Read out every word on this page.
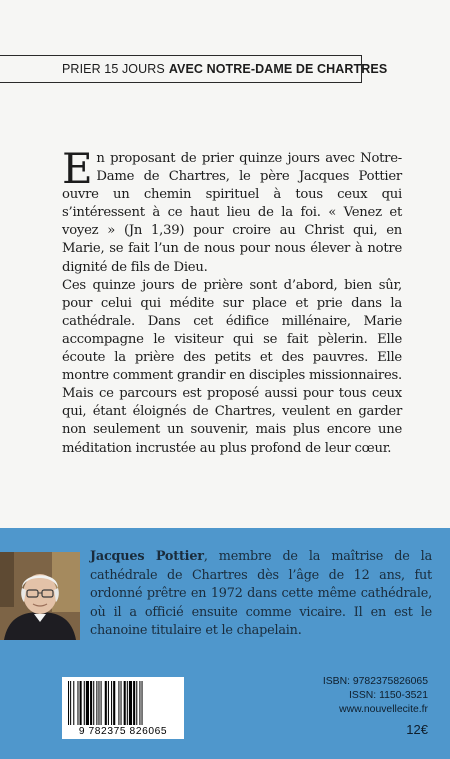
PRIER 15 JOURS AVEC NOTRE-DAME DE CHARTRES

En proposant de prier quinze jours avec Notre-Dame de Chartres, le père Jacques Pottier ouvre un chemin spirituel à tous ceux qui s’intéressent à ce haut lieu de la foi. « Venez et voyez » (Jn 1,39) pour croire au Christ qui, en Marie, se fait l’un de nous pour nous élever à notre dignité de fils de Dieu.

Ces quinze jours de prière sont d’abord, bien sûr, pour celui qui médite sur place et prie dans la cathédrale. Dans cet édifice millénaire, Marie accompagne le visiteur qui se fait pèlerin. Elle écoute la prière des petits et des pauvres. Elle montre comment grandir en disciples missionnaires. Mais ce parcours est proposé aussi pour tous ceux qui, étant éloignés de Chartres, veulent en garder non seulement un souvenir, mais plus encore une méditation incrustée au plus profond de leur cœur.

Jacques Pottier, membre de la maîtrise de la cathédrale de Chartres dès l’âge de 12 ans, fut ordonné prêtre en 1972 dans cette même cathédrale, où il a officié ensuite comme vicaire. Il en est le chanoine titulaire et le chapelain.
9 782375 826065
ISBN: 9782375826065
ISSN: 1150-3521
www.nouvellecite.fr
12€
